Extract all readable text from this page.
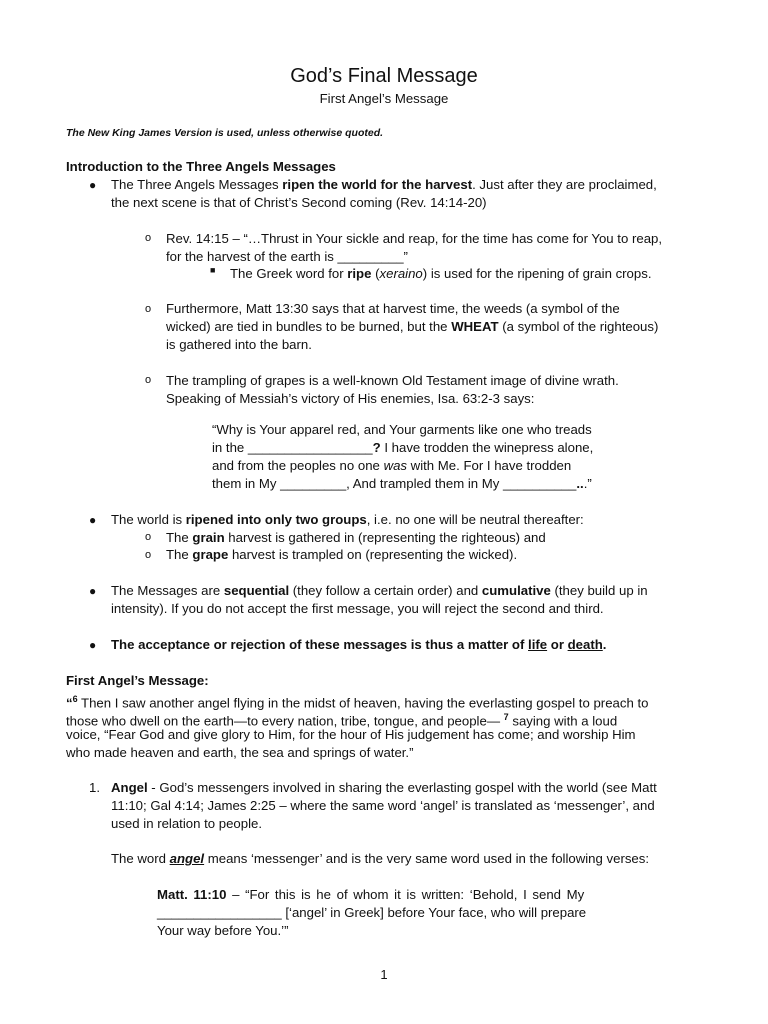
God’s Final Message
First Angel’s Message
The New King James Version is used, unless otherwise quoted.
Introduction to the Three Angels Messages
● The Three Angels Messages ripen the world for the harvest. Just after they are proclaimed,
the next scene is that of Christ’s Second coming (Rev. 14:14-20)
o Rev. 14:15 – “…Thrust in Your sickle and reap, for the time has come for You to reap,
for the harvest of the earth is _________”
■ The Greek word for ripe (xeraino) is used for the ripening of grain crops.
o Furthermore, Matt 13:30 says that at harvest time, the weeds (a symbol of the
wicked) are tied in bundles to be burned, but the WHEAT (a symbol of the righteous)
is gathered into the barn.
o The trampling of grapes is a well-known Old Testament image of divine wrath.
Speaking of Messiah’s victory of His enemies, Isa. 63:2-3 says:
“Why is Your apparel red, and Your garments like one who treads
in the _________________? I have trodden the winepress alone,
and from the peoples no one was with Me. For I have trodden
them in My _________, And trampled them in My __________...”
● The world is ripened into only two groups, i.e. no one will be neutral thereafter:
o The grain harvest is gathered in (representing the righteous) and
o The grape harvest is trampled on (representing the wicked).
● The Messages are sequential (they follow a certain order) and cumulative (they build up in
intensity). If you do not accept the first message, you will reject the second and third.
● The acceptance or rejection of these messages is thus a matter of life or death.
First Angel’s Message:
“$^6$ Then I saw another angel flying in the midst of heaven, having the everlasting gospel to preach to
those who dwell on the earth—to every nation, tribe, tongue, and people— $^7$ saying with a loud
voice, “Fear God and give glory to Him, for the hour of His judgement has come; and worship Him
who made heaven and earth, the sea and springs of water.”
1. Angel - God’s messengers involved in sharing the everlasting gospel with the world (see Matt
11:10; Gal 4:14; James 2:25 – where the same word ‘angel’ is translated as ‘messenger’, and
used in relation to people.
The word angel means ‘messenger’ and is the very same word used in the following verses:
Matt. 11:10 – “For this is he of whom it is written: ‘Behold, I send My
_________________ [‘angel’ in Greek] before Your face, who will prepare
Your way before You.’”
1
